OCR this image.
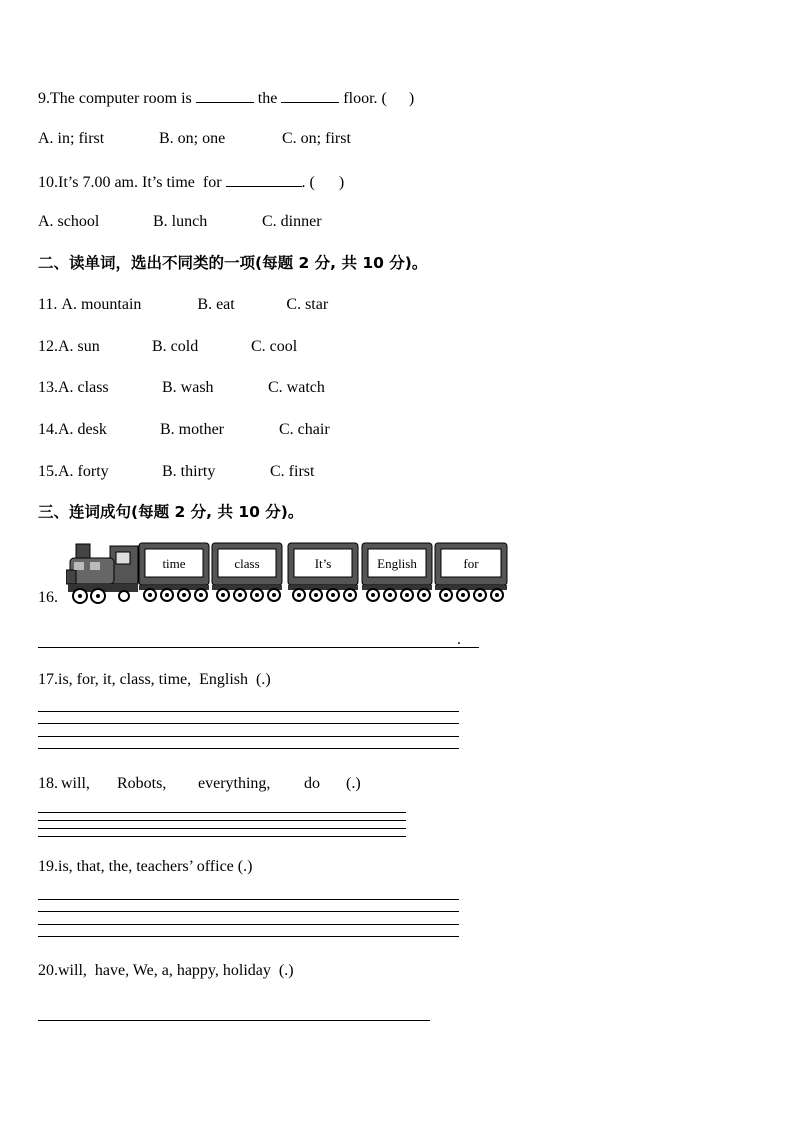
9.The computer room is	the	floor. ( )
A. in; first	B. on; one	C. on; first
10.It’s 7.00 am. It’s time  for	. ( )
A. school	B. lunch	C. dinner
二、读单词，选出不同类的一项(每题 2 分, 共 10 分)。
11. A. mountain	B. eat	C. star
12.A. sun	B. cold	C. cool
13.A. class	B. wash	C. watch
14.A. desk	B. mother	C. chair
15.A. forty	B. thirty	C. first
三、连词成句(每题 2 分, 共 10 分)。
16.
time	class	It’s	English	for
.
17.is, for, it, class, time,  English  (.)
18. will, Robots, everything, do (.)
19.is, that, the, teachers’ office (.)
20.will,  have, We, a, happy, holiday  (.)
